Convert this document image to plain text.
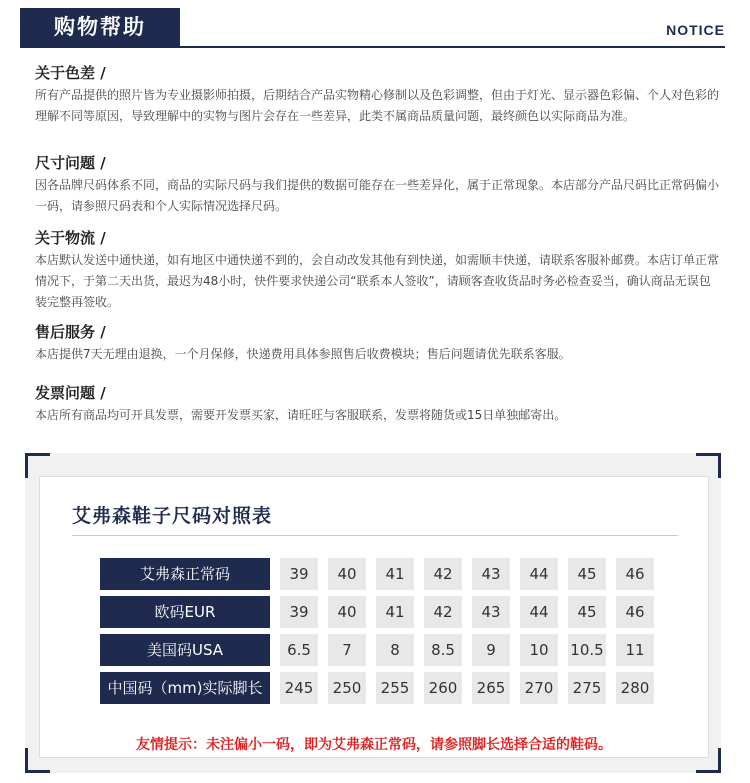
购物帮助	NOTICE

关于色差 /

所有产品提供的照片皆为专业摄影师拍摄，后期结合产品实物精心修制以及色彩调整，但由于灯光、显示器色彩偏、个人对色彩的理解不同等原因，导致理解中的实物与图片会存在一些差异，此类不属商品质量问题，最终颜色以实际商品为准。

尺寸问题 /

因各品牌尺码体系不同，商品的实际尺码与我们提供的数据可能存在一些差异化，属于正常现象。本店部分产品尺码比正常码偏小一码，请参照尺码表和个人实际情况选择尺码。

关于物流 /

本店默认发送中通快递，如有地区中通快递不到的，会自动改发其他有到快递，如需顺丰快递，请联系客服补邮费。本店订单正常情况下，于第二天出货，最迟为48小时，快件要求快递公司“联系本人签收”，请顾客查收货品时务必检查妥当，确认商品无误包装完整再签收。

售后服务 /

本店提供7天无理由退换，一个月保修，快递费用具体参照售后收费模块；售后问题请优先联系客服。

发票问题 /

本店所有商品均可开具发票，需要开发票买家，请旺旺与客服联系，发票将随货或15日单独邮寄出。

艾弗森鞋子尺码对照表
艾弗森正常码	39	40	41	42	43	44	45	46
欧码EUR	39	40	41	42	43	44	45	46
美国码USA	6.5	7	8	8.5	9	10	10.5	11
中国码（mm)实际脚长	245	250	255	260	265	270	275	280
友情提示：未注偏小一码，即为艾弗森正常码，请参照脚长选择合适的鞋码。
